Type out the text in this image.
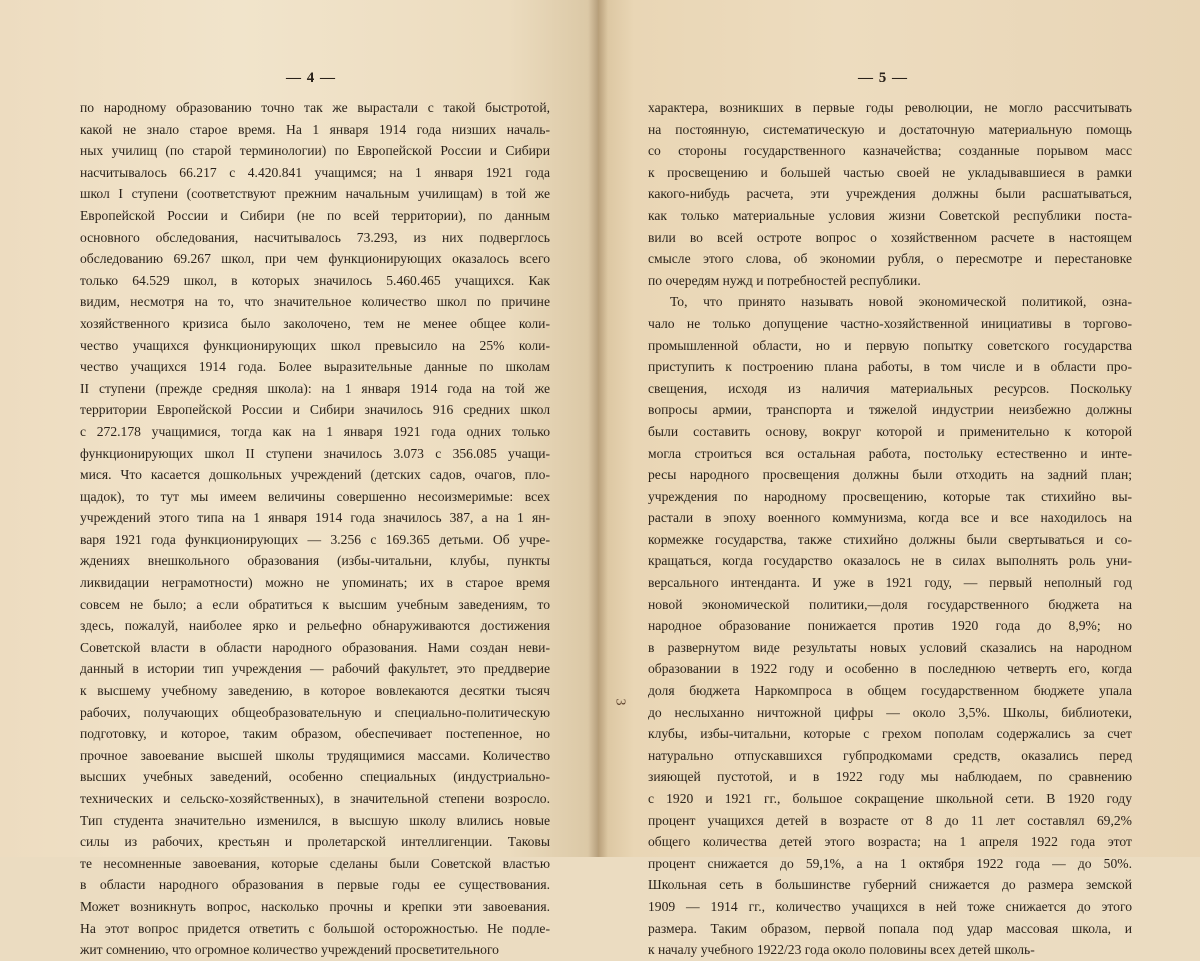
— 4 —
по народному образованию точно так же вырастали с такой быстротой,
какой не знало старое время. На 1 января 1914 года низших началь-
ных училищ (по старой терминологии) по Европейской России и Сибири
насчитывалось 66.217 с 4.420.841 учащимся; на 1 января 1921 года
школ I ступени (соответствуют прежним начальным училищам) в той же
Европейской России и Сибири (не по всей территории), по данным
основного обследования, насчитывалось 73.293, из них подверглось
обследованию 69.267 школ, при чем функционирующих оказалось всего
только 64.529 школ, в которых значилось 5.460.465 учащихся. Как
видим, несмотря на то, что значительное количество школ по причине
хозяйственного кризиса было заколочено, тем не менее общее коли-
чество учащихся функционирующих школ превысило на 25% коли-
чество учащихся 1914 года. Более выразительные данные по школам
II ступени (прежде средняя школа): на 1 января 1914 года на той же
территории Европейской России и Сибири значилось 916 средних школ
с 272.178 учащимися, тогда как на 1 января 1921 года одних только
функционирующих школ II ступени значилось 3.073 с 356.085 учащи-
мися. Что касается дошкольных учреждений (детских садов, очагов, пло-
щадок), то тут мы имеем величины совершенно несоизмеримые: всех
учреждений этого типа на 1 января 1914 года значилось 387, а на 1 ян-
варя 1921 года функционирующих — 3.256 с 169.365 детьми. Об учре-
ждениях внешкольного образования (избы-читальни, клубы, пункты
ликвидации неграмотности) можно не упоминать; их в старое время
совсем не было; а если обратиться к высшим учебным заведениям, то
здесь, пожалуй, наиболее ярко и рельефно обнаруживаются достижения
Советской власти в области народного образования. Нами создан неви-
данный в истории тип учреждения — рабочий факультет, это преддверие
к высшему учебному заведению, в которое вовлекаются десятки тысяч
рабочих, получающих общеобразовательную и специально-политическую
подготовку, и которое, таким образом, обеспечивает постепенное, но
прочное завоевание высшей школы трудящимися массами. Количество
высших учебных заведений, особенно специальных (индустриально-
технических и сельско-хозяйственных), в значительной степени возросло.
Тип студента значительно изменился, в высшую школу влились новые
силы из рабочих, крестьян и пролетарской интеллигенции. Таковы
те несомненные завоевания, которые сделаны были Советской властью
в области народного образования в первые годы ее существования.
Может возникнуть вопрос, насколько прочны и крепки эти завоевания.
На этот вопрос придется ответить с большой осторожностью. Не подле-
жит сомнению, что огромное количество учреждений просветительного
— 5 —
характера, возникших в первые годы революции, не могло рассчитывать
на постоянную, систематическую и достаточную материальную помощь
со стороны государственного казначейства; созданные порывом масс
к просвещению и большей частью своей не укладывавшиеся в рамки
какого-нибудь расчета, эти учреждения должны были расшатываться,
как только материальные условия жизни Советской республики поста-
вили во всей остроте вопрос о хозяйственном расчете в настоящем
смысле этого слова, об экономии рубля, о пересмотре и перестановке
по очередям нужд и потребностей республики.
То, что принято называть новой экономической политикой, озна-
чало не только допущение частно-хозяйственной инициативы в торгово-
промышленной области, но и первую попытку советского государства
приступить к построению плана работы, в том числе и в области про-
свещения, исходя из наличия материальных ресурсов. Поскольку
вопросы армии, транспорта и тяжелой индустрии неизбежно должны
были составить основу, вокруг которой и применительно к которой
могла строиться вся остальная работа, постольку естественно и инте-
ресы народного просвещения должны были отходить на задний план;
учреждения по народному просвещению, которые так стихийно вы-
растали в эпоху военного коммунизма, когда все и все находилось на
кормежке государства, также стихийно должны были свертываться и со-
кращаться, когда государство оказалось не в силах выполнять роль уни-
версального интенданта. И уже в 1921 году, — первый неполный год
новой экономической политики,—доля государственного бюджета на
народное образование понижается против 1920 года до 8,9%; но
в развернутом виде результаты новых условий сказались на народном
образовании в 1922 году и особенно в последнюю четверть его, когда
доля бюджета Наркомпроса в общем государственном бюджете упала
до неслыханно ничтожной цифры — около 3,5%. Школы, библиотеки,
клубы, избы-читальни, которые с грехом пополам содержались за счет
натурально отпускавшихся губпродкомами средств, оказались перед
зияющей пустотой, и в 1922 году мы наблюдаем, по сравнению
с 1920 и 1921 гг., большое сокращение школьной сети. В 1920 году
процент учащихся детей в возрасте от 8 до 11 лет составлял 69,2%
общего количества детей этого возраста; на 1 апреля 1922 года этот
процент снижается до 59,1%, а на 1 октября 1922 года — до 50%.
Школьная сеть в большинстве губерний снижается до размера земской
1909 — 1914 гг., количество учащихся в ней тоже снижается до этого
размера. Таким образом, первой попала под удар массовая школа, и
к началу учебного 1922/23 года около половины всех детей школь-
3
